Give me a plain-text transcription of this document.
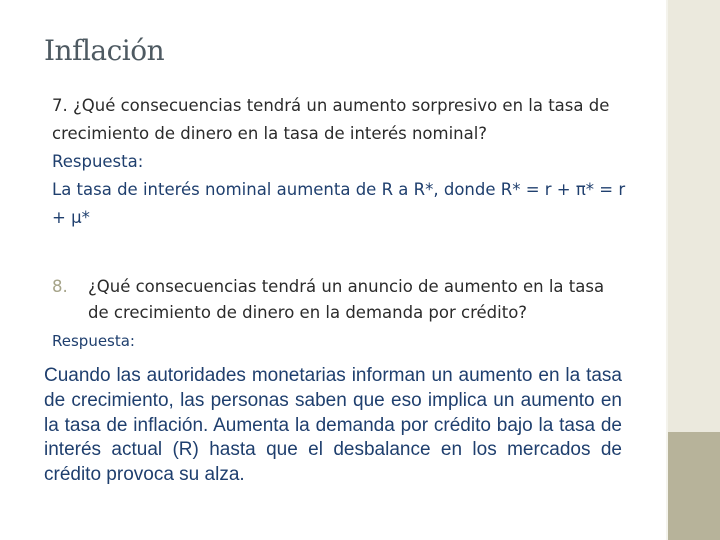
Inflación
7. ¿Qué consecuencias tendrá un aumento sorpresivo en la tasa de crecimiento de dinero en la tasa de interés nominal?
Respuesta:
La tasa de interés nominal aumenta de R a R*, donde R* = r + π* = r + μ*
8.	¿Qué consecuencias tendrá un anuncio de aumento en la tasa de crecimiento de dinero en la demanda por crédito?
Respuesta:
Cuando las autoridades monetarias informan un aumento en la tasa de crecimiento, las personas saben que eso implica un aumento en la tasa de inflación. Aumenta la demanda por crédito bajo la tasa de interés actual (R) hasta que el desbalance en los mercados de crédito provoca su alza.
